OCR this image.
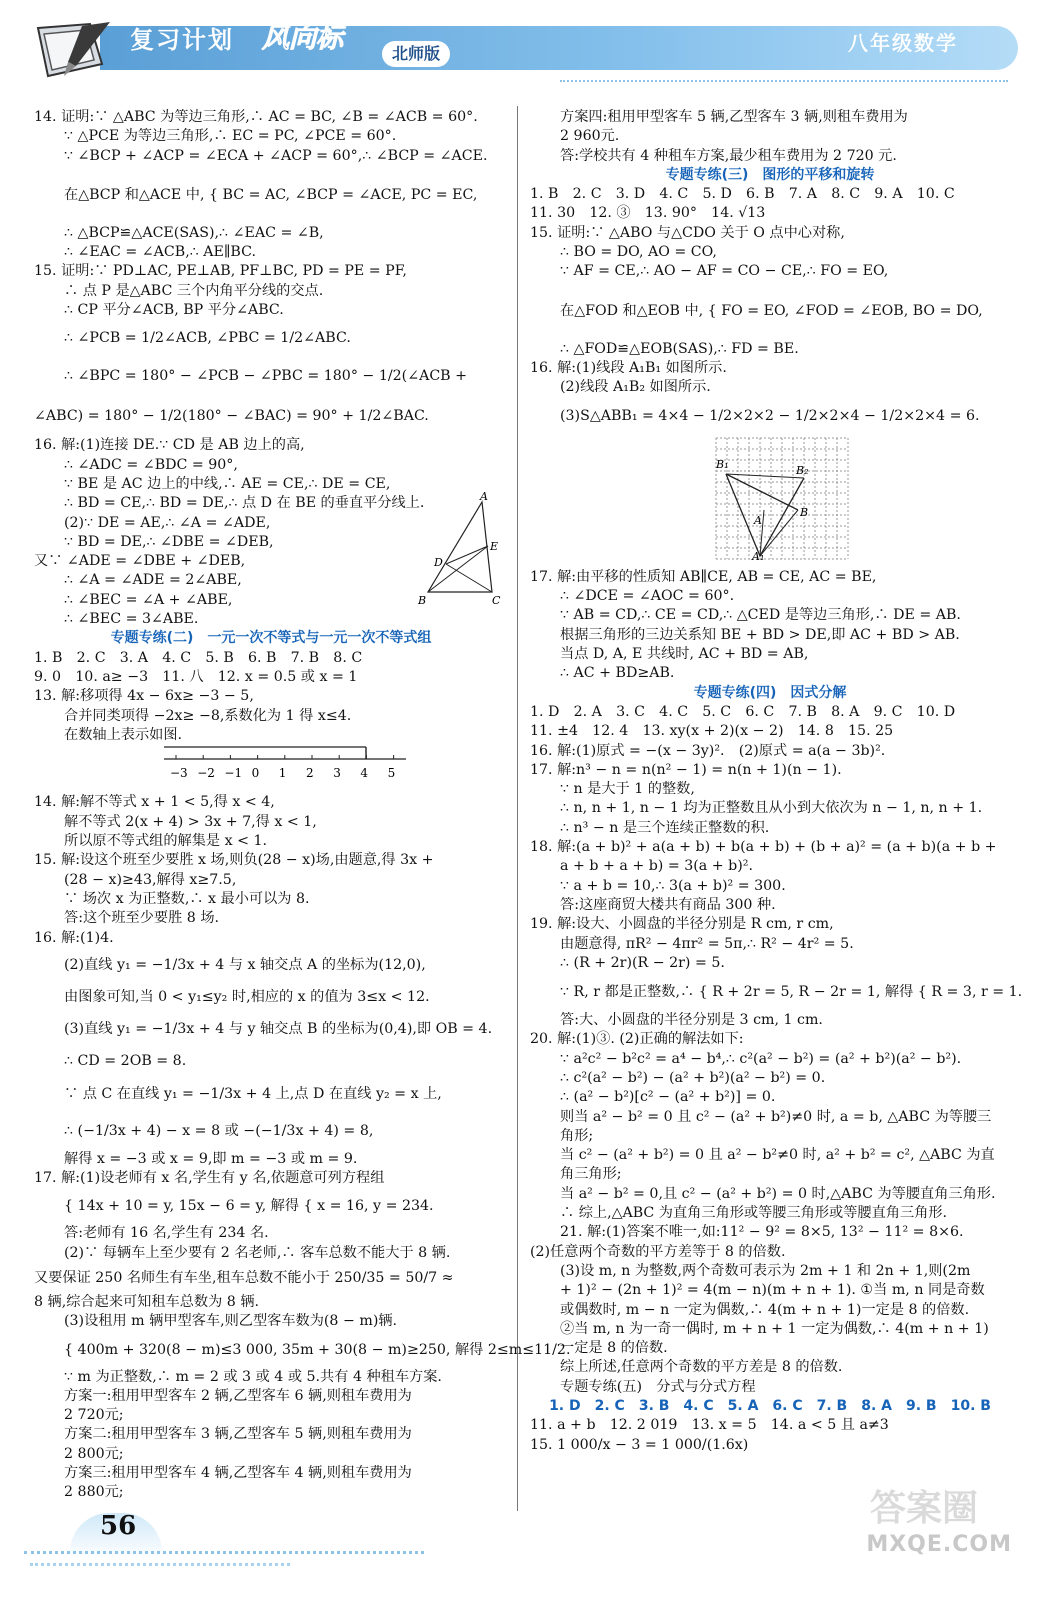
复习计划 风向标	北师版	八年级数学
14. 证明:∵ △ABC 为等边三角形,∴ AC = BC, ∠B = ∠ACB = 60°.
∵ △PCE 为等边三角形,∴ EC = PC, ∠PCE = 60°.
∵ ∠BCP + ∠ACP = ∠ECA + ∠ACP = 60°,∴ ∠BCP = ∠ACE.
在△BCP 和△ACE 中, { BC = AC, ∠BCP = ∠ACE, PC = EC,
∴ △BCP≌△ACE(SAS),∴ ∠EAC = ∠B,
∴ ∠EAC = ∠ACB,∴ AE∥BC.
15. 证明:∵ PD⊥AC, PE⊥AB, PF⊥BC, PD = PE = PF,
∴ 点 P 是△ABC 三个内角平分线的交点.
∴ CP 平分∠ACB, BP 平分∠ABC.
∴ ∠PCB = 1/2∠ACB, ∠PBC = 1/2∠ABC.
∴ ∠BPC = 180° − ∠PCB − ∠PBC = 180° − 1/2(∠ACB +
∠ABC) = 180° − 1/2(180° − ∠BAC) = 90° + 1/2∠BAC.
16. 解:(1)连接 DE.∵ CD 是 AB 边上的高,
∴ ∠ADC = ∠BDC = 90°,
∵ BE 是 AC 边上的中线,∴ AE = CE,∴ DE = CE,
∴ BD = CE,∴ BD = DE,∴ 点 D 在 BE 的垂直平分线上.
(2)∵ DE = AE,∴ ∠A = ∠ADE,
∵ BD = DE,∴ ∠DBE = ∠DEB,
又∵ ∠ADE = ∠DBE + ∠DEB,
∴ ∠A = ∠ADE = 2∠ABE,
∴ ∠BEC = ∠A + ∠ABE,
∴ ∠BEC = 3∠ABE.
A
D
E
B	C
专题专练(二)　一元一次不等式与一元一次不等式组
1. B　2. C　3. A　4. C　5. B　6. B　7. B　8. C
9. 0　10. a≥ −3　11. 八　12. x = 0.5 或 x = 1
13. 解:移项得 4x − 6x≥ −3 − 5,
合并同类项得 −2x≥ −8,系数化为 1 得 x≤4.
在数轴上表示如图.
−3 −2 −1 0 1 2 3 4 5
14. 解:解不等式 x + 1 < 5,得 x < 4,
解不等式 2(x + 4) > 3x + 7,得 x < 1,
所以原不等式组的解集是 x < 1.
15. 解:设这个班至少要胜 x 场,则负(28 − x)场,由题意,得 3x +
(28 − x)≥43,解得 x≥7.5,
∵ 场次 x 为正整数,∴ x 最小可以为 8.
答:这个班至少要胜 8 场.
16. 解:(1)4.
(2)直线 y₁ = −1/3x + 4 与 x 轴交点 A 的坐标为(12,0),
由图象可知,当 0 < y₁≤y₂ 时,相应的 x 的值为 3≤x < 12.
(3)直线 y₁ = −1/3x + 4 与 y 轴交点 B 的坐标为(0,4),即 OB = 4.
∴ CD = 2OB = 8.
∵ 点 C 在直线 y₁ = −1/3x + 4 上,点 D 在直线 y₂ = x 上,
∴ (−1/3x + 4) − x = 8 或 −(−1/3x + 4) = 8,
解得 x = −3 或 x = 9,即 m = −3 或 m = 9.
17. 解:(1)设老师有 x 名,学生有 y 名,依题意可列方程组
{ 14x + 10 = y, 15x − 6 = y, 解得 { x = 16, y = 234.
答:老师有 16 名,学生有 234 名.
(2)∵ 每辆车上至少要有 2 名老师,∴ 客车总数不能大于 8 辆.
又要保证 250 名师生有车坐,租车总数不能小于 250/35 = 50/7 ≈
8 辆,综合起来可知租车总数为 8 辆.
(3)设租用 m 辆甲型客车,则乙型客车数为(8 − m)辆.
{ 400m + 320(8 − m)≤3 000, 35m + 30(8 − m)≥250, 解得 2≤m≤11/2.
∵ m 为正整数,∴ m = 2 或 3 或 4 或 5.共有 4 种租车方案.
方案一:租用甲型客车 2 辆,乙型客车 6 辆,则租车费用为
2 720元;
方案二:租用甲型客车 3 辆,乙型客车 5 辆,则租车费用为
2 800元;
方案三:租用甲型客车 4 辆,乙型客车 4 辆,则租车费用为
2 880元;
方案四:租用甲型客车 5 辆,乙型客车 3 辆,则租车费用为
2 960元.
答:学校共有 4 种租车方案,最少租车费用为 2 720 元.
专题专练(三)　图形的平移和旋转
1. B　2. C　3. D　4. C　5. D　6. B　7. A　8. C　9. A　10. C
11. 30　12. ③　13. 90°　14. √13
15. 证明:∵ △ABO 与△CDO 关于 O 点中心对称,
∴ BO = DO, AO = CO,
∵ AF = CE,∴ AO − AF = CO − CE,∴ FO = EO,
在△FOD 和△EOB 中, { FO = EO, ∠FOD = ∠EOB, BO = DO,
∴ △FOD≌△EOB(SAS),∴ FD = BE.
16. 解:(1)线段 A₁B₁ 如图所示.
(2)线段 A₁B₂ 如图所示.
(3)S△ABB₁ = 4×4 − 1/2×2×2 − 1/2×2×4 − 1/2×2×4 = 6.
B₁	B₂
B
A
A₁
17. 解:由平移的性质知 AB∥CE, AB = CE, AC = BE,
∴ ∠DCE = ∠AOC = 60°.
∵ AB = CD,∴ CE = CD,∴ △CED 是等边三角形,∴ DE = AB.
根据三角形的三边关系知 BE + BD > DE,即 AC + BD > AB.
当点 D, A, E 共线时, AC + BD = AB,
∴ AC + BD≥AB.
专题专练(四)　因式分解
1. D　2. A　3. C　4. C　5. C　6. C　7. B　8. A　9. C　10. D
11. ±4　12. 4　13. xy(x + 2)(x − 2)　14. 8　15. 25
16. 解:(1)原式 = −(x − 3y)².　(2)原式 = a(a − 3b)².
17. 解:n³ − n = n(n² − 1) = n(n + 1)(n − 1).
∵ n 是大于 1 的整数,
∴ n, n + 1, n − 1 均为正整数且从小到大依次为 n − 1, n, n + 1.
∴ n³ − n 是三个连续正整数的积.
18. 解:(a + b)² + a(a + b) + b(a + b) + (b + a)² = (a + b)(a + b +
a + b + a + b) = 3(a + b)².
∵ a + b = 10,∴ 3(a + b)² = 300.
答:这座商贸大楼共有商品 300 种.
19. 解:设大、小圆盘的半径分别是 R cm, r cm,
由题意得, πR² − 4πr² = 5π,∴ R² − 4r² = 5.
∴ (R + 2r)(R − 2r) = 5.
∵ R, r 都是正整数,∴ { R + 2r = 5, R − 2r = 1, 解得 { R = 3, r = 1.
答:大、小圆盘的半径分别是 3 cm, 1 cm.
20. 解:(1)③. (2)正确的解法如下:
∵ a²c² − b²c² = a⁴ − b⁴,∴ c²(a² − b²) = (a² + b²)(a² − b²).
∴ c²(a² − b²) − (a² + b²)(a² − b²) = 0.
∴ (a² − b²)[c² − (a² + b²)] = 0.
则当 a² − b² = 0 且 c² − (a² + b²)≠0 时, a = b, △ABC 为等腰三
角形;
当 c² − (a² + b²) = 0 且 a² − b²≠0 时, a² + b² = c², △ABC 为直
角三角形;
当 a² − b² = 0,且 c² − (a² + b²) = 0 时,△ABC 为等腰直角三角形.
∴ 综上,△ABC 为直角三角形或等腰三角形或等腰直角三角形.
21. 解:(1)答案不唯一,如:11² − 9² = 8×5, 13² − 11² = 8×6.
(2)任意两个奇数的平方差等于 8 的倍数.
(3)设 m, n 为整数,两个奇数可表示为 2m + 1 和 2n + 1,则(2m
+ 1)² − (2n + 1)² = 4(m − n)(m + n + 1). ①当 m, n 同是奇数
或偶数时, m − n 一定为偶数,∴ 4(m + n + 1)一定是 8 的倍数.
②当 m, n 为一奇一偶时, m + n + 1 一定为偶数,∴ 4(m + n + 1)
一定是 8 的倍数.
综上所述,任意两个奇数的平方差是 8 的倍数.
专题专练(五)　分式与分式方程
1. D　2. C　3. B　4. C　5. A　6. C　7. B　8. A　9. B　10. B
11. a + b　12. 2 019　13. x = 5　14. a < 5 且 a≠3
15. 1 000/x − 3 = 1 000/(1.6x)
56	答案圈
MXQE.COM
